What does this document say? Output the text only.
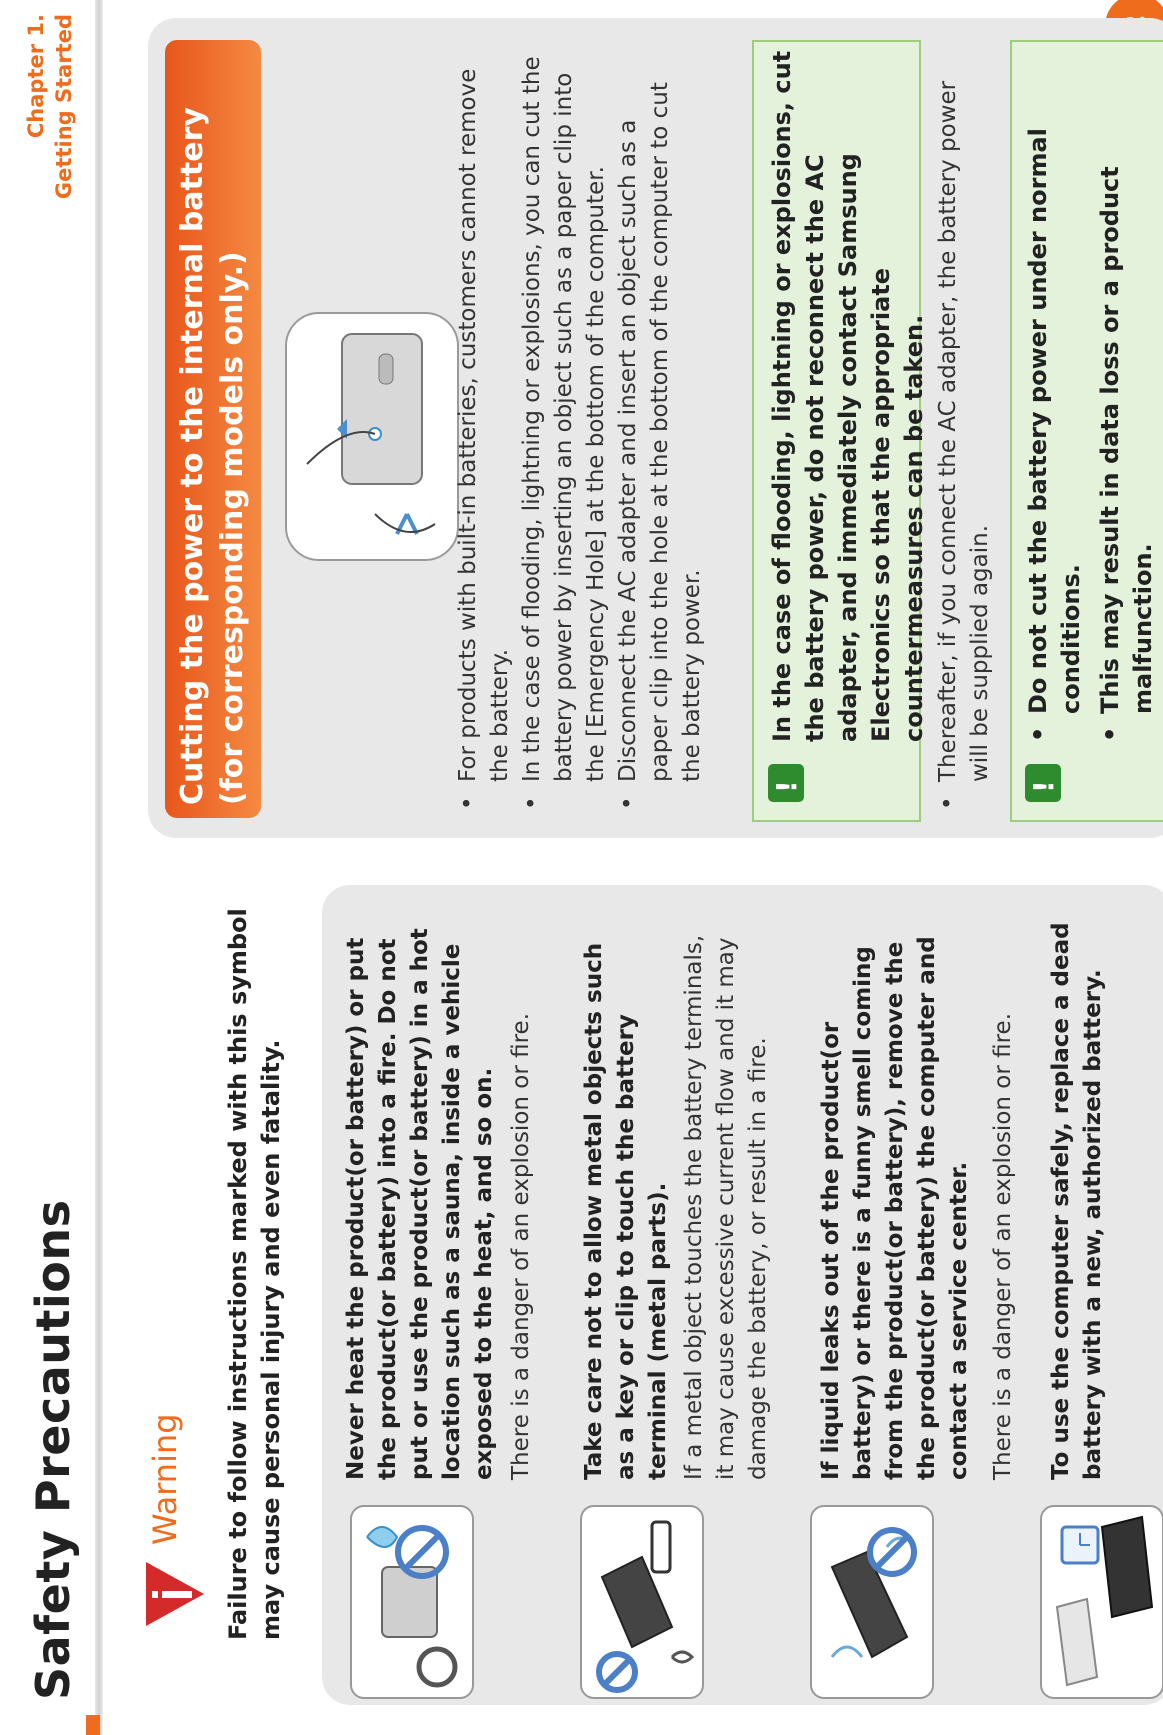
Safety Precautions
Chapter 1. Getting Started
Warning Failure to follow instructions marked with this symbol may cause personal injury and even fatality.	Never heat the product(or battery) or put the product(or battery) into a fire. Do not put or use the product(or battery) in a hot location such as a sauna, inside a vehicle exposed to the heat, and so on. There is a danger of an explosion or fire.	Take care not to allow metal objects such as a key or clip to touch the battery terminal (metal parts). If a metal object touches the battery terminals, it may cause excessive current flow and it may damage the battery, or result in a fire.	If liquid leaks out of the product(or battery) or there is a funny smell coming from the product(or battery), remove the the product(or battery) the computer and contact a service center. There is a danger of an explosion or fire.	To use the computer safely, replace a dead battery with a new, authorized battery.
Cutting the power to the internal battery (for corresponding models only.)	•
For products with built-in batteries, customers cannot remove the battery.
•
In the case of flooding, lightning or explosions, you can cut the battery power by inserting an object such as a paper clip into the [Emergency Hole] at the bottom of the computer.
•
Disconnect the AC adapter and insert an object such as a paper clip into the hole at the bottom of the computer to cut the battery power.
!
In the case of flooding, lightning or explosions, cut the battery power, do not reconnect the AC adapter, and immediately contact Samsung Electronics so that the appropriate countermeasures can be taken.
•
Thereafter, if you connect the AC adapter, the battery power will be supplied again.
!
•
Do not cut the battery power under normal conditions.
•
This may result in data loss or a product malfunction.
